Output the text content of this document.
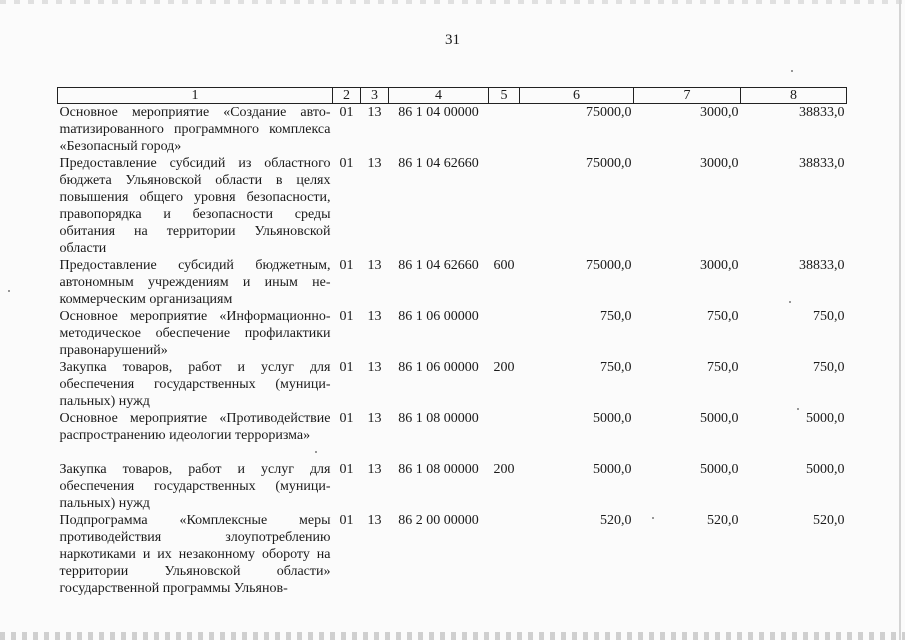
31
1	2	3	4	5	6	7	8
Основное мероприятие «Создание автоmатизированного программного комплекса «Безопасный город»	01	13	86 1 04 00000		75000,0	3000,0	38833,0
Предоставление субсидий из областного бюджета Ульяновской области в целях повышения общего уровня безопасности, правопорядка и безопасности среды обитания на территории Ульяновской области	01	13	86 1 04 62660		75000,0	3000,0	38833,0
Предоставление субсидий бюджетным, автономным учреждениям и иным некоммерческим организациям	01	13	86 1 04 62660	600	75000,0	3000,0	38833,0
Основное мероприятие «Информационно-методическое обеспечение профилактики правонарушений»	01	13	86 1 06 00000		750,0	750,0	750,0
Закупка товаров, работ и услуг для обеспечения государственных (муниципальных) нужд	01	13	86 1 06 00000	200	750,0	750,0	750,0
Основное мероприятие «Противодействие распространению идеологии терроризма»	01	13	86 1 08 00000		5000,0	5000,0	5000,0
Закупка товаров, работ и услуг для обеспечения государственных (муниципальных) нужд	01	13	86 1 08 00000	200	5000,0	5000,0	5000,0
Подпрограмма «Комплексные меры противодействия злоупотреблению наркотиками и их незаконному обороту на территории Ульяновской области» государственной программы Ульянов-	01	13	86 2 00 00000		520,0	520,0	520,0
